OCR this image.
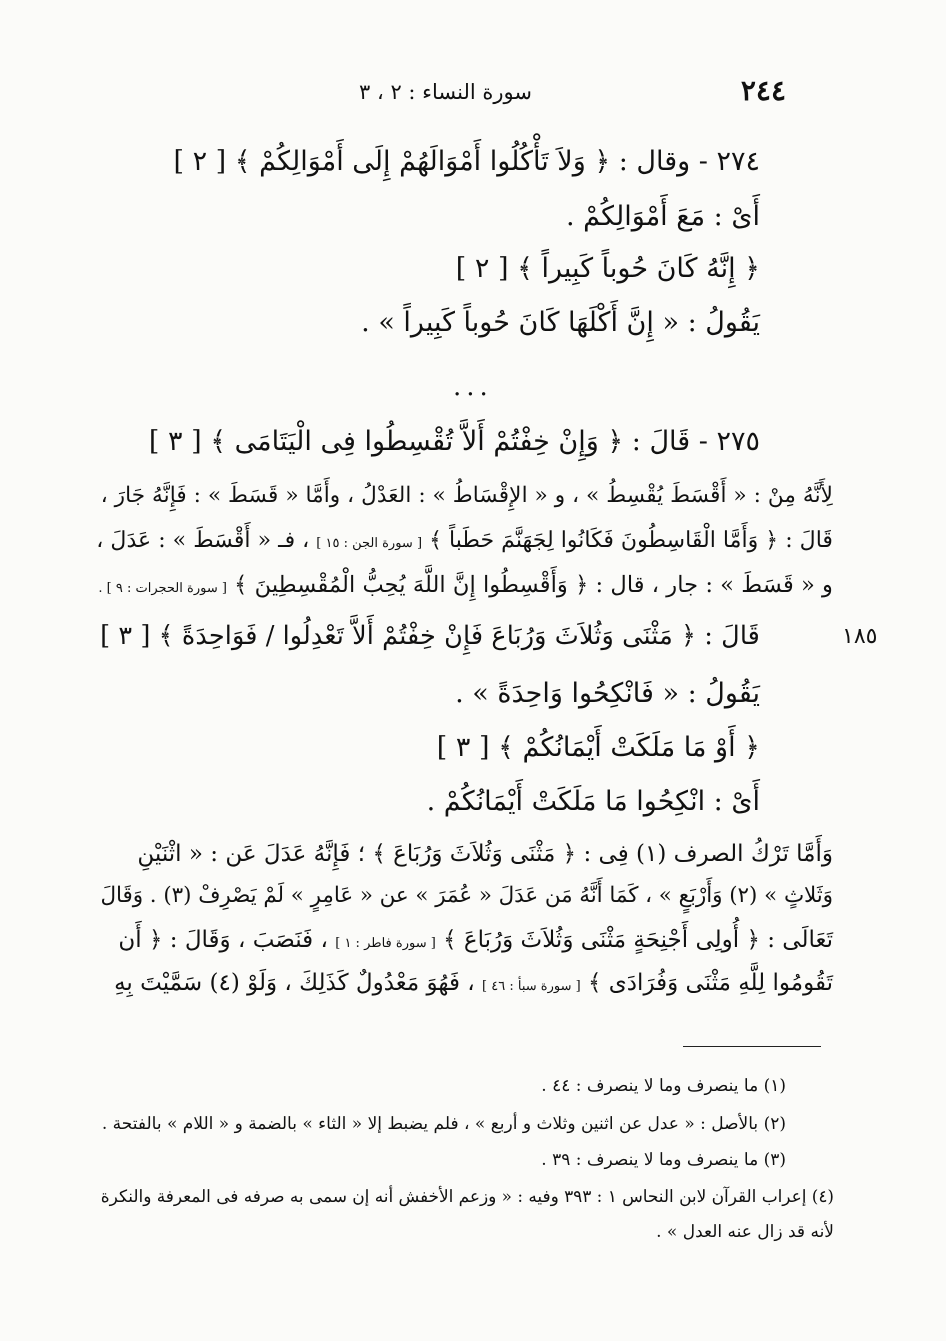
٢٤٤
سورة النساء : ٢ ، ٣
٢٧٤ - وقال : ﴿ وَلاَ تَأْكُلُوا أَمْوَالَهُمْ إِلَى أَمْوَالِكُمْ ﴾ [ ٢ ]
أَىْ : مَعَ أَمْوَالِكُمْ .
﴿ إِنَّهُ كَانَ حُوباً كَبِيراً ﴾ [ ٢ ]
يَقُولُ : « إِنَّ أَكْلَهَا كَانَ حُوباً كَبِيراً » .
...
٢٧٥ - قَالَ : ﴿ وَإِنْ خِفْتُمْ أَلاَّ تُقْسِطُوا فِى الْيَتَامَى ﴾ [ ٣ ]
لِأَنَّهُ مِنْ : « أَقْسَطَ يُقْسِطُ » ، و « الإِقْسَاطُ » : العَدْلُ ، وأَمَّا « قَسَطَ » : فَإِنَّهُ جَارَ ،
قَالَ : ﴿ وَأَمَّا الْقَاسِطُونَ فَكَانُوا لِجَهَنَّمَ حَطَباً ﴾ [ سورة الجن : ١٥ ] ، فـ « أَقْسَطَ » : عَدَلَ ،
و « قَسَطَ » : جار ، قال : ﴿ وَأَقْسِطُوا إِنَّ اللَّهَ يُحِبُّ الْمُقْسِطِينَ ﴾ [ سورة الحجرات : ٩ ] .
قَالَ : ﴿ مَثْنَى وَثُلاَثَ وَرُبَاعَ فَإِنْ خِفْتُمْ أَلاَّ تَعْدِلُوا / فَوَاحِدَةً ﴾ [ ٣ ]	١٨٥
يَقُولُ : « فَانْكِحُوا وَاحِدَةً » .
﴿ أَوْ مَا مَلَكَتْ أَيْمَانُكُمْ ﴾ [ ٣ ]
أَىْ : انْكِحُوا مَا مَلَكَتْ أَيْمَانُكُمْ .
وَأَمَّا تَرْكُ الصرف (١) فِى : ﴿ مَثْنَى وَثُلاَثَ وَرُبَاعَ ﴾ ؛ فَإِنَّهُ عَدَلَ عَن : « اثْنَيْنِ
وَثَلاثٍ » (٢) وَأَرْبَعٍ » ، كَمَا أَنَّهُ مَن عَدَلَ « عُمَرَ » عن « عَامِرٍ » لَمْ يَصْرِفْ (٣) . وَقَالَ
تَعَالَى : ﴿ أُولِى أَجْنِحَةٍ مَثْنَى وَثُلاَثَ وَرُبَاعَ ﴾ [ سورة فاطر : ١ ] ، فَنَصَبَ ، وَقَالَ : ﴿ أَن
تَقُومُوا لِلَّهِ مَثْنَى وَفُرَادَى ﴾ [ سورة سبأ : ٤٦ ] ، فَهُوَ مَعْدُولٌ كَذَلِكَ ، وَلَوْ (٤) سَمَّيْتَ بِهِ
(١) ما ينصرف وما لا ينصرف : ٤٤ .
(٢) بالأصل : « عدل عن اثنين وثلاث و أربع » ، فلم يضبط إلا « الثاء » بالضمة و « اللام » بالفتحة .
(٣) ما ينصرف وما لا ينصرف : ٣٩ .
(٤) إعراب القرآن لابن النحاس ١ : ٣٩٣ وفيه : « وزعم الأخفش أنه إن سمى به صرفه فى المعرفة والنكرة
لأنه قد زال عنه العدل » .
